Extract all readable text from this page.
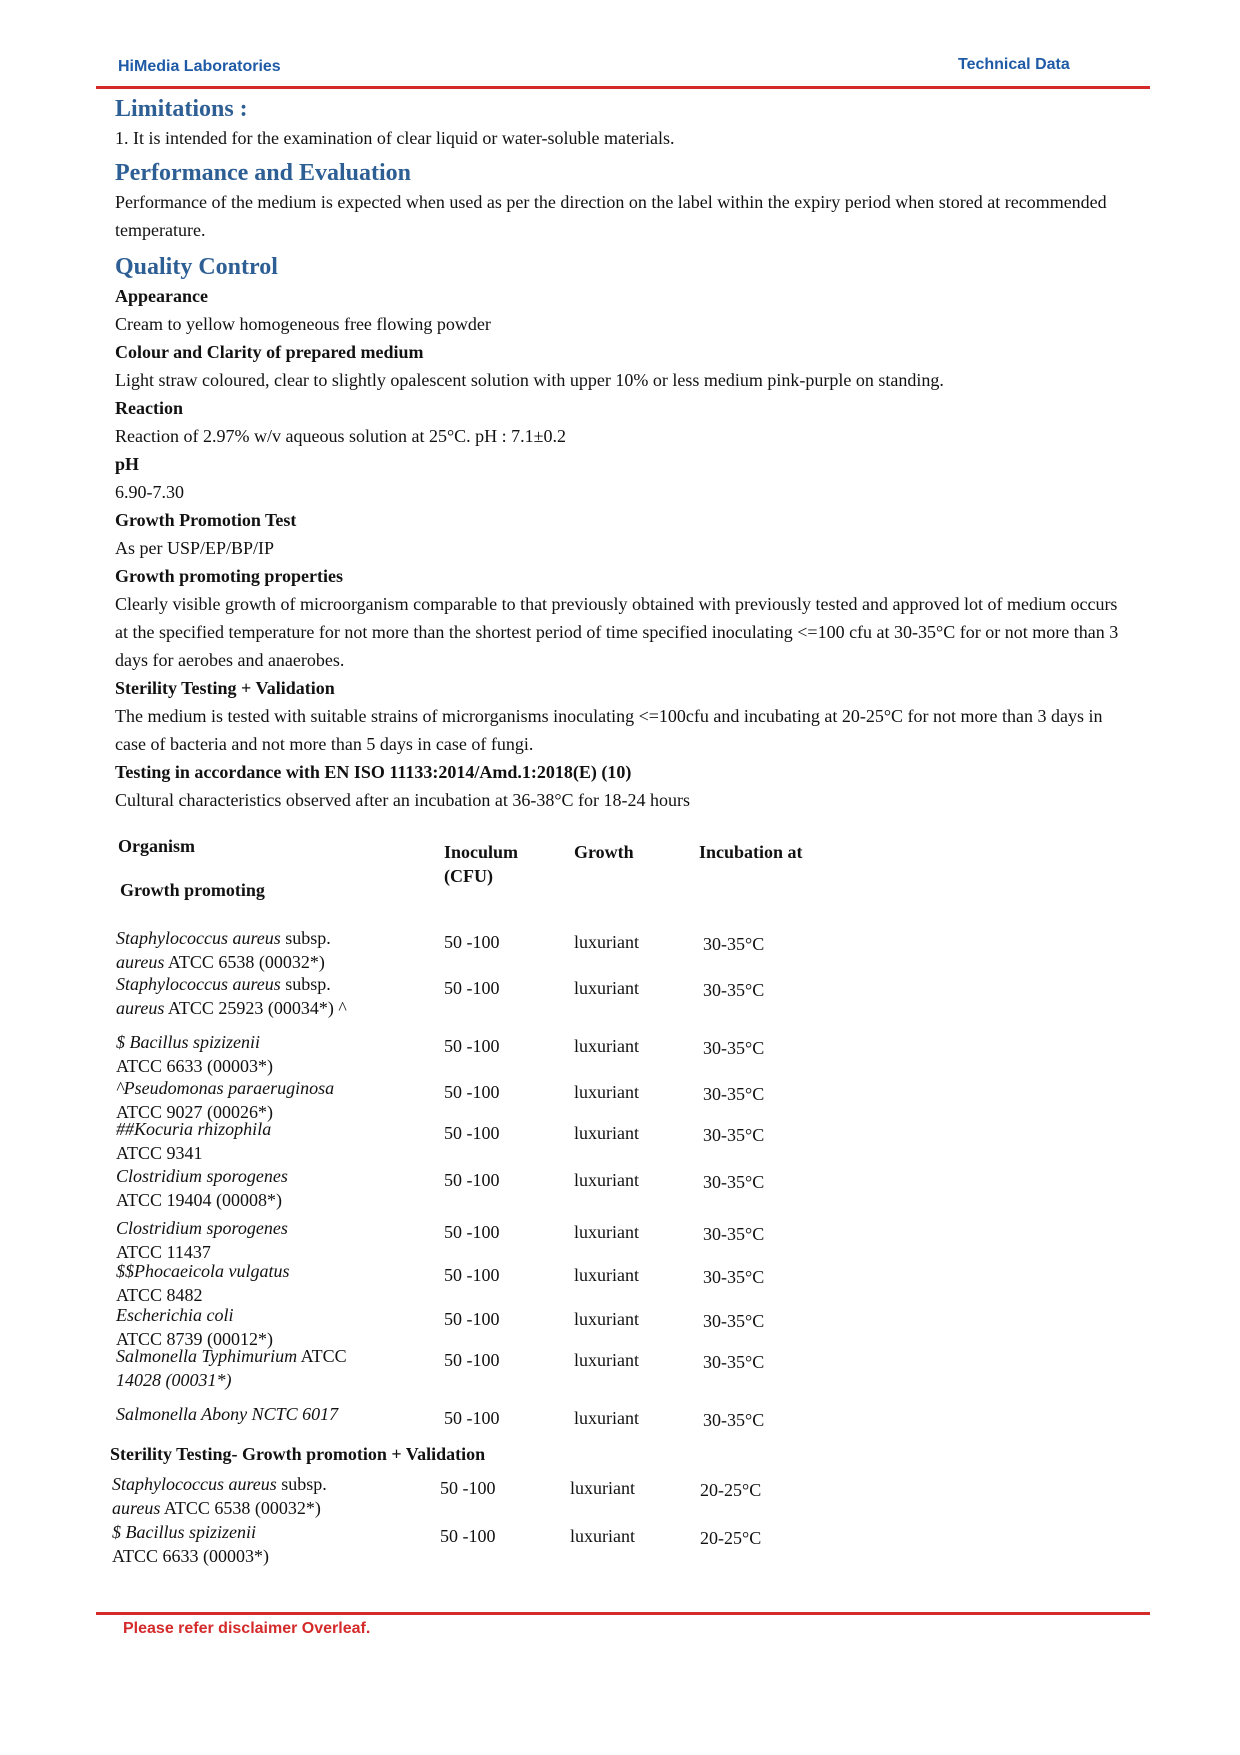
HiMedia Laboratories	Technical Data
Limitations :

1. It is intended for the examination of clear liquid or water-soluble materials.

Performance and Evaluation

Performance of the medium is expected when used as per the direction on the label within the expiry period when stored at recommended temperature.

Quality Control

Appearance

Cream to yellow homogeneous free flowing powder

Colour and Clarity of prepared medium

Light straw coloured, clear to slightly opalescent solution with upper 10% or less medium pink-purple on standing.

Reaction

Reaction of 2.97% w/v aqueous solution at 25°C. pH : 7.1±0.2

pH

6.90-7.30

Growth Promotion Test

As per USP/EP/BP/IP

Growth promoting properties

Clearly visible growth of microorganism comparable to that previously obtained with previously tested and approved lot of medium occurs at the specified temperature for not more than the shortest period of time specified inoculating <=100 cfu at 30-35°C for or not more than 3 days for aerobes and anaerobes.

Sterility Testing + Validation

The medium is tested with suitable strains of microrganisms inoculating <=100cfu and incubating at 20-25°C for not more than 3 days in case of bacteria and not more than 5 days in case of fungi.

Testing in accordance with EN ISO 11133:2014/Amd.1:2018(E) (10)

Cultural characteristics observed after an incubation at 36-38°C for 18-24 hours

Organism
Growth promoting
Inoculum
(CFU)
Growth	Incubation at
Staphylococcus aureus subsp.
aureus ATCC 6538 (00032*)
50 -100	luxuriant	30-35°C
Staphylococcus aureus subsp.
aureus ATCC 25923 (00034*) ^
50 -100	luxuriant	30-35°C
$ Bacillus spizizenii
ATCC 6633 (00003*)
50 -100	luxuriant	30-35°C
^Pseudomonas paraeruginosa
ATCC 9027 (00026*)
50 -100	luxuriant	30-35°C
##Kocuria rhizophila
ATCC 9341
50 -100	luxuriant	30-35°C
Clostridium sporogenes
ATCC 19404 (00008*)
50 -100	luxuriant	30-35°C
Clostridium sporogenes
ATCC 11437
50 -100	luxuriant	30-35°C
$$Phocaeicola vulgatus
ATCC 8482
50 -100	luxuriant	30-35°C
Escherichia coli
ATCC 8739 (00012*)
50 -100	luxuriant	30-35°C
Salmonella Typhimurium ATCC
14028 (00031*)
50 -100	luxuriant	30-35°C
Salmonella Abony NCTC 6017	50 -100	luxuriant	30-35°C
Sterility Testing- Growth promotion + Validation
Staphylococcus aureus subsp.
aureus ATCC 6538 (00032*)
50 -100	luxuriant	20-25°C
$ Bacillus spizizenii
ATCC 6633 (00003*)
50 -100	luxuriant	20-25°C
Please refer disclaimer Overleaf.
